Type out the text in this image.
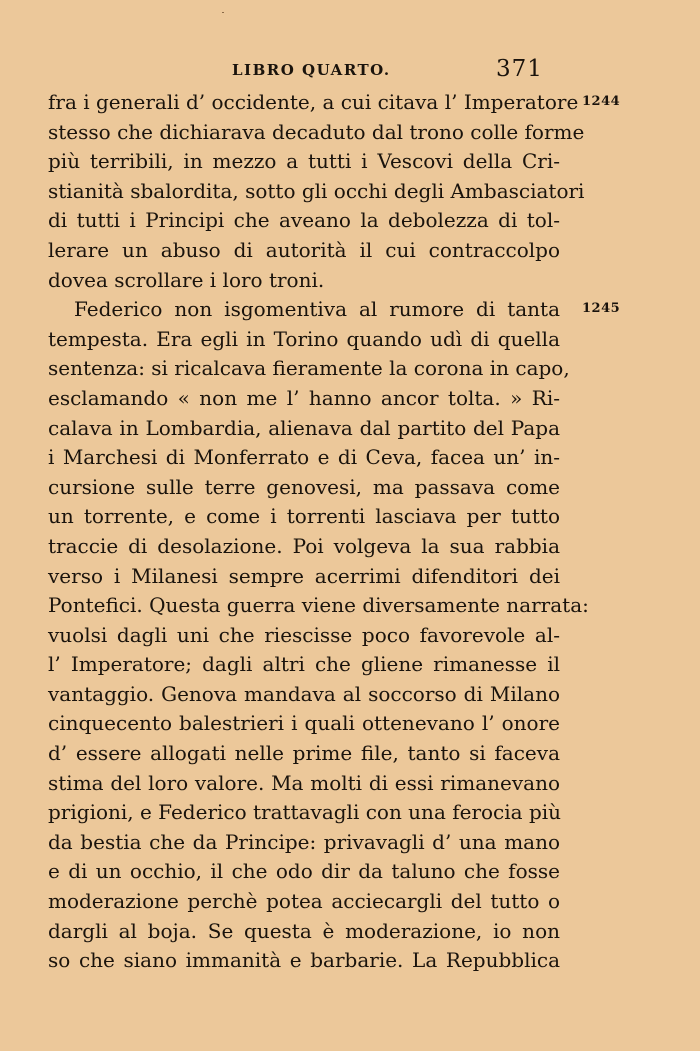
LIBRO QUARTO.	371
1244
1245
fra i generali d’ occidente, a cui citava l’ Imperatore
stesso che dichiarava decaduto dal trono colle forme
più terribili, in mezzo a tutti i Vescovi della Cri-
stianità sbalordita, sotto gli occhi degli Ambasciatori
di tutti i Principi che aveano la debolezza di tol-
lerare un abuso di autorità il cui contraccolpo
dovea scrollare i loro troni.
Federico non isgomentiva al rumore di tanta
tempesta. Era egli in Torino quando udì di quella
sentenza: si ricalcava fieramente la corona in capo,
esclamando « non me l’ hanno ancor tolta. » Ri-
calava in Lombardia, alienava dal partito del Papa
i Marchesi di Monferrato e di Ceva, facea un’ in-
cursione sulle terre genovesi, ma passava come
un torrente, e come i torrenti lasciava per tutto
traccie di desolazione. Poi volgeva la sua rabbia
verso i Milanesi sempre acerrimi difenditori dei
Pontefici. Questa guerra viene diversamente narrata:
vuolsi dagli uni che riescisse poco favorevole al-
l’ Imperatore; dagli altri che gliene rimanesse il
vantaggio. Genova mandava al soccorso di Milano
cinquecento balestrieri i quali ottenevano l’ onore
d’ essere allogati nelle prime file, tanto si faceva
stima del loro valore. Ma molti di essi rimanevano
prigioni, e Federico trattavagli con una ferocia più
da bestia che da Principe: privavagli d’ una mano
e di un occhio, il che odo dir da taluno che fosse
moderazione perchè potea acciecargli del tutto o
dargli al boja. Se questa è moderazione, io non
so che siano immanità e barbarie. La Repubblica
